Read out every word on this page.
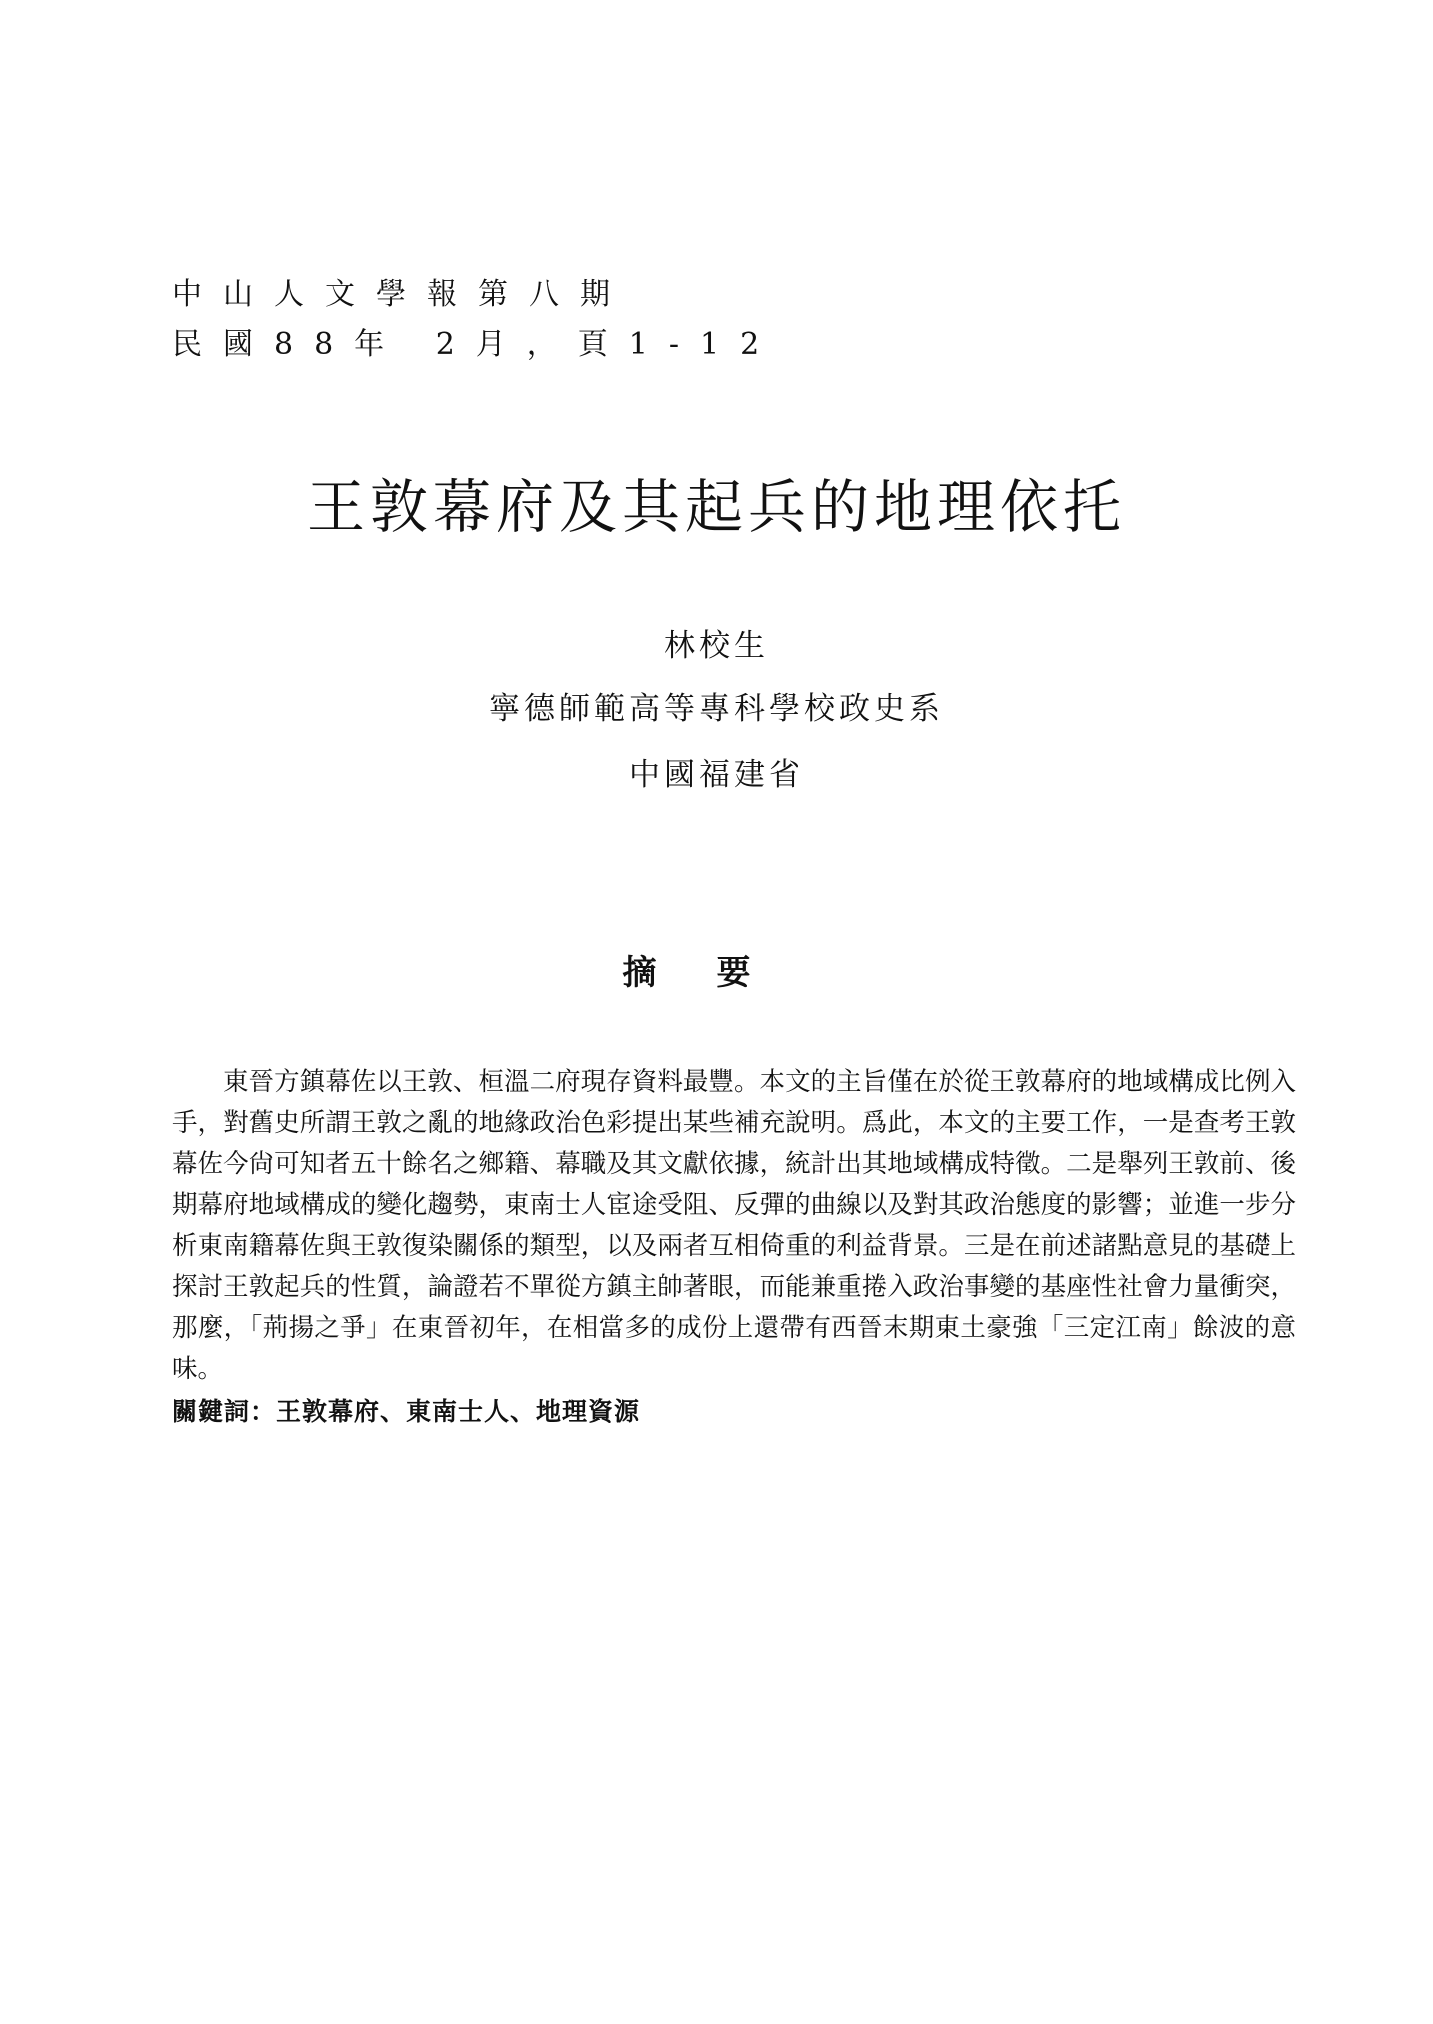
中山人文學報第八期
民國88年 2月，頁1-12
王敦幕府及其起兵的地理依托
林校生
寧德師範高等專科學校政史系
中國福建省
摘要

東晉方鎮幕佐以王敦、桓溫二府現存資料最豐。本文的主旨僅在於從王敦幕府的地域構成比例入手，對舊史所謂王敦之亂的地緣政治色彩提出某些補充說明。爲此，本文的主要工作，一是查考王敦幕佐今尙可知者五十餘名之鄉籍、幕職及其文獻依據，統計出其地域構成特徵。二是舉列王敦前、後期幕府地域構成的變化趨勢，東南士人宦途受阻、反彈的曲線以及對其政治態度的影響；並進一步分析東南籍幕佐與王敦復染關係的類型，以及兩者互相倚重的利益背景。三是在前述諸點意見的基礎上探討王敦起兵的性質，論證若不單從方鎮主帥著眼，而能兼重捲入政治事變的基座性社會力量衝突，那麼，「荊揚之爭」在東晉初年，在相當多的成份上還帶有西晉末期東土豪強「三定江南」餘波的意味。

關鍵詞：王敦幕府、東南士人、地理資源
